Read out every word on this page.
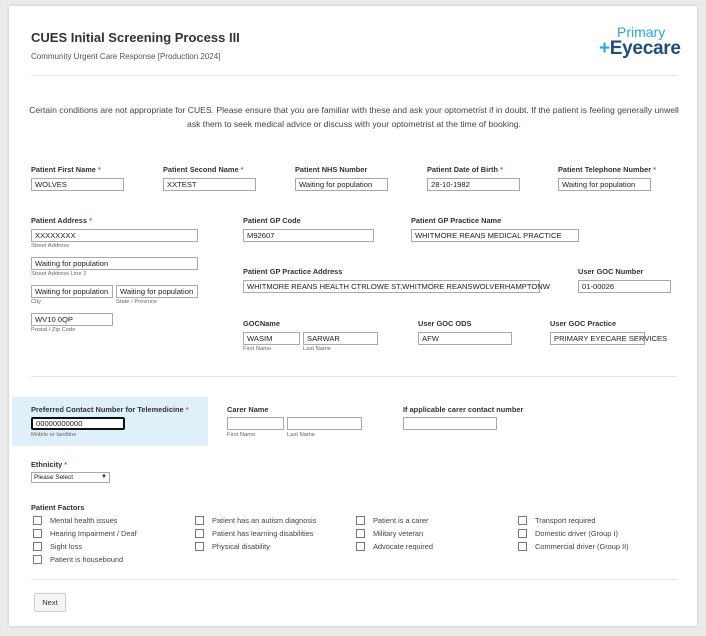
CUES Initial Screening Process III
Community Urgent Care Response [Production 2024]
Primary
+Eyecare
Certain conditions are not appropriate for CUES. Please ensure that you are familiar with these and ask your optometrist if in doubt. If the patient is feeling generally unwell ask them to seek medical advice or discuss with your optometrist at the time of booking.
Patient First Name *
WOLVES
Patient Second Name *
XXTEST
Patient NHS Number
Waiting for population
Patient Date of Birth *
28-10-1982
Patient Telephone Number *
Waiting for population
Patient Address *
XXXXXXXX
Street Address
Waiting for population
Street Address Line 2
Waiting for population
City
Waiting for population
State / Province
WV10 0QP
Postal / Zip Code
Patient GP Code
M92607
Patient GP Practice Name
WHITMORE REANS MEDICAL PRACTICE
Patient GP Practice Address
WHITMORE REANS HEALTH CTRLOWE ST,WHITMORE REANSWOLVERHAMPTONW
User GOC Number
01-00026
GOCName
WASIM
First Name
SARWAR
Last Name
User GOC ODS
AFW
User GOC Practice
PRIMARY EYECARE SERVICES
Preferred Contact Number for Telemedicine *
00000000000
Mobile or landline
Carer Name
First Name	Last Name
If applicable carer contact number
Ethnicity *
Please Select	▼
Patient Factors
Mental health issues
Hearing Impairment / Deaf
Sight loss
Patient is housebound
Patient has an autism diagnosis
Patient has learning disabilities
Physical disability
Patient is a carer
Military veteran
Advocate required
Transport required
Domestic driver (Group I)
Commercial driver (Group II)
Next
